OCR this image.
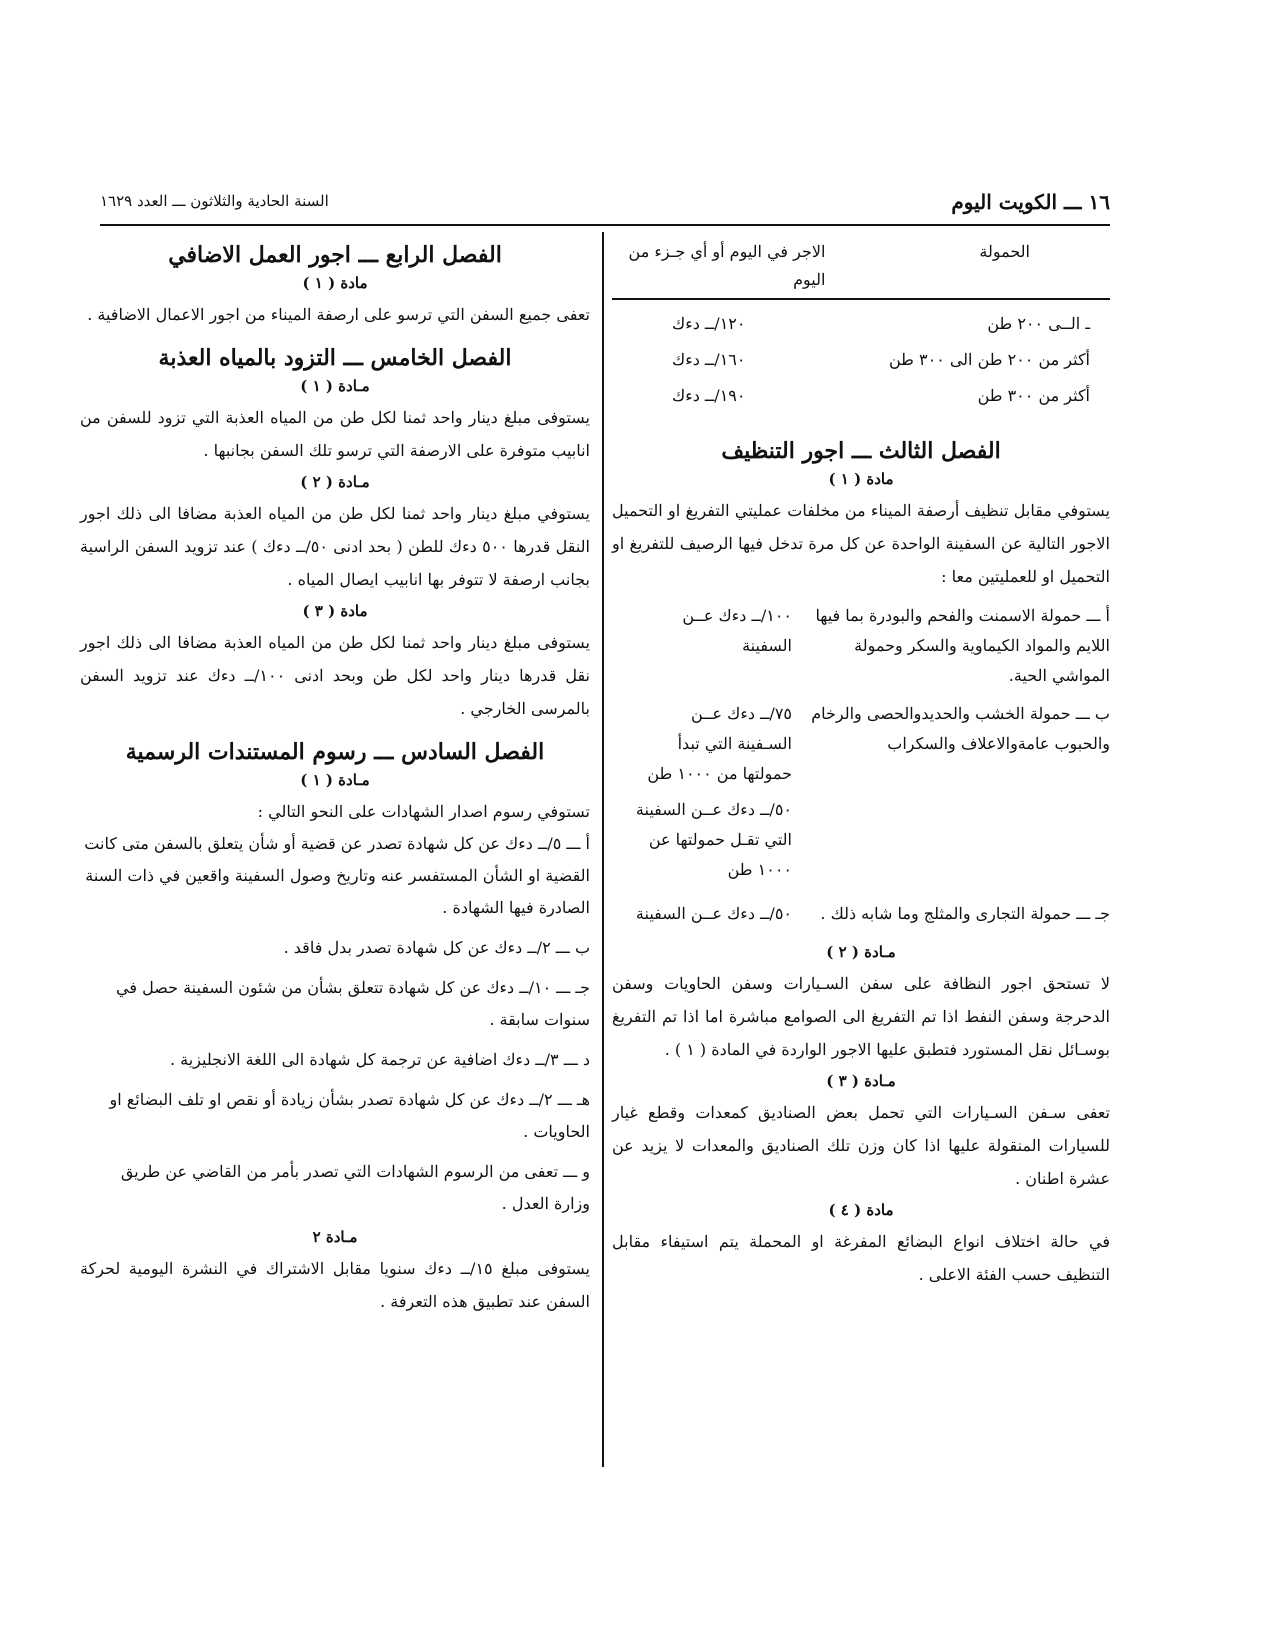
١٦ ـــ الكويت اليوم
السنة الحادية والثلاثون ـــ العدد ١٦٢٩
الحمولة
الاجر في اليوم أو أي جـزء من اليوم
ـ الــى ٢٠٠ طن
١٢٠/ــ دءك
أكثر من ٢٠٠ طن الى ٣٠٠ طن
١٦٠/ــ دءك
أكثر من ٣٠٠ طن
١٩٠/ــ دءك
الفصل الثالث ـــ اجور التنظيف
مادة ( ١ )

يستوفي مقابل تنظيف أرصفة الميناء من مخلفات عمليتي التفريغ او التحميل الاجور التالية عن السفينة الواحدة عن كل مرة تدخل فيها الرصيف للتفريغ او التحميل او للعمليتين معا :

أ ـــ حمولة الاسمنت والفحم والبودرة بما فيها اللايم والمواد الكيماوية والسكر وحمولة المواشي الحية.
١٠٠/ــ دءك عــن السفينة
ب ـــ حمولة الخشب والحديدوالحصى والرخام والحبوب عامةوالاعلاف والسكراب
٧٥/ــ دءك عــن السـفينة التي تبدأ حمولتها من ١٠٠٠ طن
٥٠/ــ دءك عــن السفينة التي تقـل حمولتها عن ١٠٠٠ طن
جـ ـــ حمولة التجارى والمثلج وما شابه ذلك .
٥٠/ــ دءك عــن السفينة
مـادة ( ٢ )

لا تستحق اجور النظافة على سفن السـيارات وسفن الحاويات وسفن الدحرجة وسفن النفط اذا تم التفريغ الى الصوامع مباشرة اما اذا تم التفريغ بوسـائل نقل المستورد فتطبق عليها الاجور الواردة في المادة ( ١ ) .

مـادة ( ٣ )

تعفى سـفن السـيارات التي تحمل بعض الصناديق كمعدات وقطع غيار للسيارات المنقولة عليها اذا كان وزن تلك الصناديق والمعدات لا يزيد عن عشرة اطنان .

مادة ( ٤ )

في حالة اختلاف انواع البضائع المفرغة او المحملة يتم استيفاء مقابل التنظيف حسب الفئة الاعلى .

الفصل الرابع ـــ اجور العمل الاضافي
مادة ( ١ )

تعفى جميع السفن التي ترسو على ارصفة الميناء من اجور الاعمال الاضافية .

الفصل الخامس ـــ التزود بالمياه العذبة
مـادة ( ١ )

يستوفى مبلغ دينار واحد ثمنا لكل طن من المياه العذبة التي تزود للسفن من انابيب متوفرة على الارصفة التي ترسو تلك السفن بجانبها .

مـادة ( ٢ )

يستوفي مبلغ دينار واحد ثمنا لكل طن من المياه العذبة مضافا الى ذلك اجور النقل قدرها ٥٠٠ دءك للطن ( بحد ادنى ٥٠/ــ دءك ) عند تزويد السفن الراسية بجانب ارصفة لا تتوفر بها انابيب ايصال المياه .

مادة ( ٣ )

يستوفى مبلغ دينار واحد ثمنا لكل طن من المياه العذبة مضافا الى ذلك اجور نقل قدرها دينار واحد لكل طن وبحد ادنى ١٠٠/ــ دءك عند تزويد السفن بالمرسى الخارجي .

الفصل السادس ـــ رسوم المستندات الرسمية
مـادة ( ١ )

تستوفي رسوم اصدار الشهادات على النحو التالي :

أ ـــ ٥/ــ دءك عن كل شهادة تصدر عن قضية أو شأن يتعلق بالسفن متى كانت القضية او الشأن المستفسر عنه وتاريخ وصول السفينة واقعين في ذات السنة الصادرة فيها الشهادة .

ب ـــ ٢/ــ دءك عن كل شهادة تصدر بدل فاقد .

جـ ـــ ١٠/ــ دءك عن كل شهادة تتعلق بشأن من شئون السفينة حصل في سنوات سابقة .

د ـــ ٣/ــ دءك اضافية عن ترجمة كل شهادة الى اللغة الانجليزية .

هـ ـــ ٢/ــ دءك عن كل شهادة تصدر بشأن زيادة أو نقص او تلف البضائع او الحاويات .

و ـــ تعفى من الرسوم الشهادات التي تصدر بأمر من القاضي عن طريق وزارة العدل .

مـادة ٢

يستوفى مبلغ ١٥/ــ دءك سنويا مقابل الاشتراك في النشرة اليومية لحركة السفن عند تطبيق هذه التعرفة .
